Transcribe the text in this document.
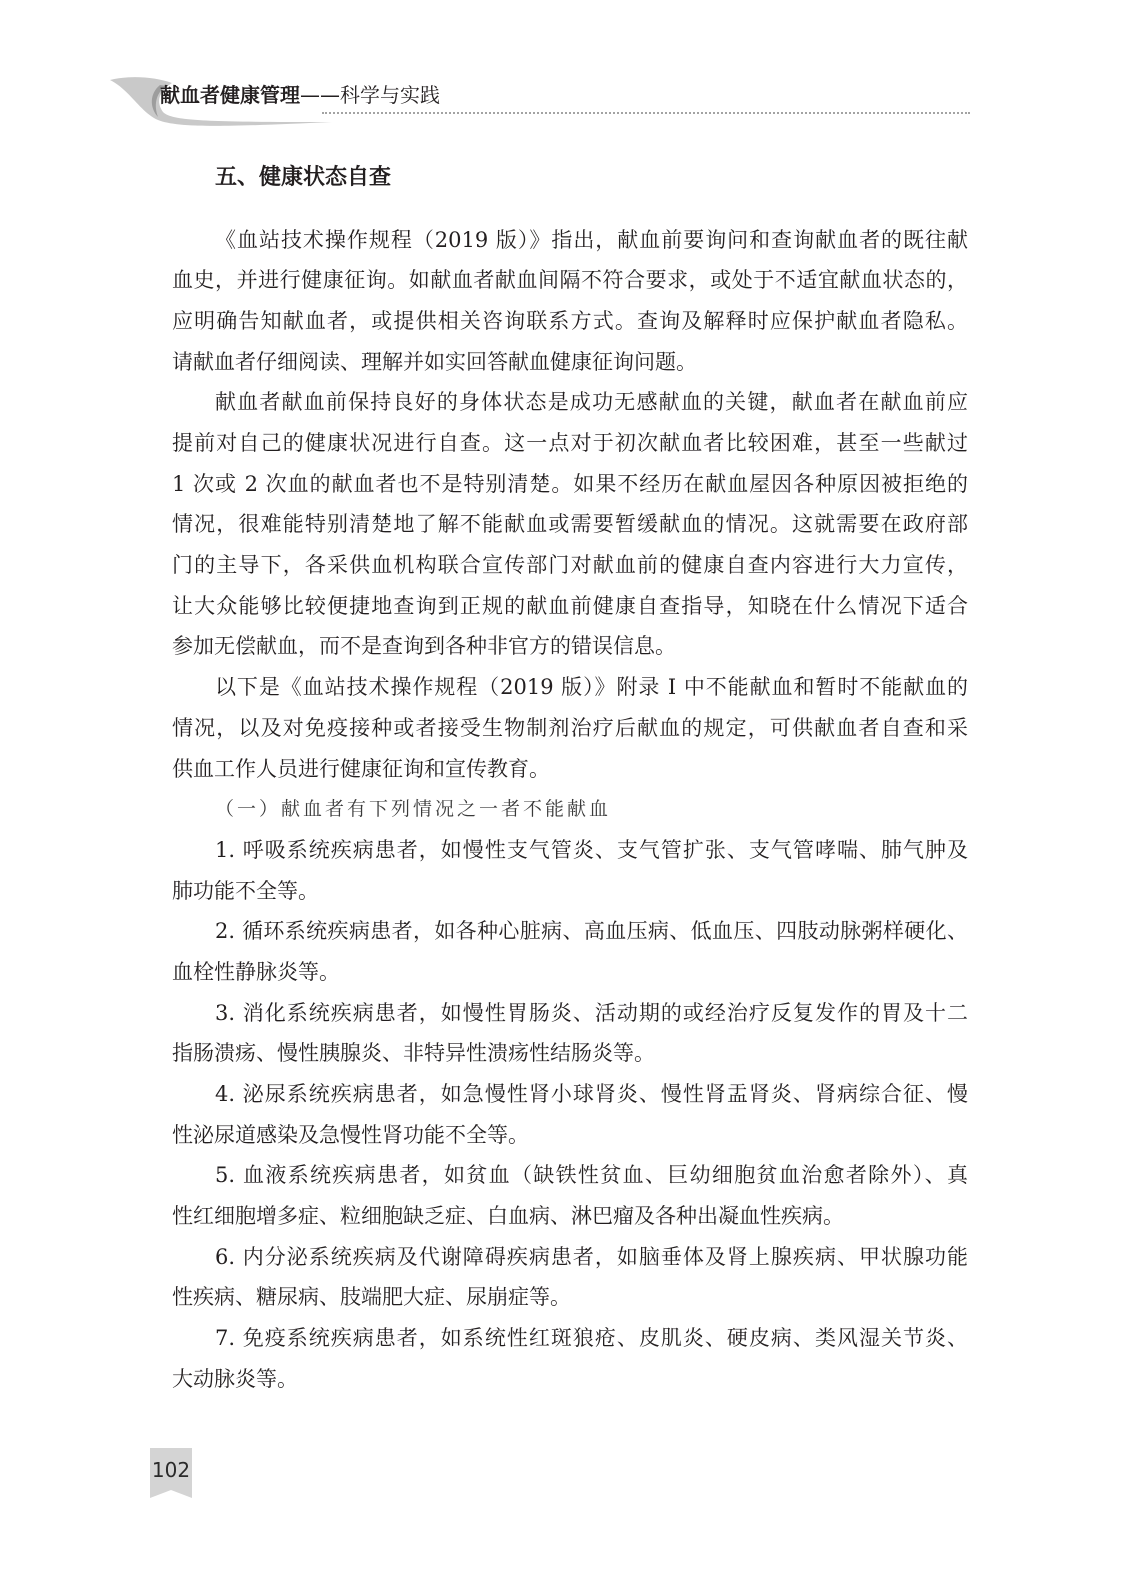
献血者健康管理——科学与实践
五、健康状态自查
《血站技术操作规程（2019 版）》指出，献血前要询问和查询献血者的既往献
血史，并进行健康征询。如献血者献血间隔不符合要求，或处于不适宜献血状态的，
应明确告知献血者，或提供相关咨询联系方式。查询及解释时应保护献血者隐私。
请献血者仔细阅读、理解并如实回答献血健康征询问题。
献血者献血前保持良好的身体状态是成功无感献血的关键，献血者在献血前应
提前对自己的健康状况进行自查。这一点对于初次献血者比较困难，甚至一些献过
1 次或 2 次血的献血者也不是特别清楚。如果不经历在献血屋因各种原因被拒绝的
情况，很难能特别清楚地了解不能献血或需要暂缓献血的情况。这就需要在政府部
门的主导下，各采供血机构联合宣传部门对献血前的健康自查内容进行大力宣传，
让大众能够比较便捷地查询到正规的献血前健康自查指导，知晓在什么情况下适合
参加无偿献血，而不是查询到各种非官方的错误信息。
以下是《血站技术操作规程（2019 版）》附录 I 中不能献血和暂时不能献血的
情况，以及对免疫接种或者接受生物制剂治疗后献血的规定，可供献血者自查和采
供血工作人员进行健康征询和宣传教育。
（一）献血者有下列情况之一者不能献血
1. 呼吸系统疾病患者，如慢性支气管炎、支气管扩张、支气管哮喘、肺气肿及
肺功能不全等。
2. 循环系统疾病患者，如各种心脏病、高血压病、低血压、四肢动脉粥样硬化、
血栓性静脉炎等。
3. 消化系统疾病患者，如慢性胃肠炎、活动期的或经治疗反复发作的胃及十二
指肠溃疡、慢性胰腺炎、非特异性溃疡性结肠炎等。
4. 泌尿系统疾病患者，如急慢性肾小球肾炎、慢性肾盂肾炎、肾病综合征、慢
性泌尿道感染及急慢性肾功能不全等。
5. 血液系统疾病患者，如贫血（缺铁性贫血、巨幼细胞贫血治愈者除外）、真
性红细胞增多症、粒细胞缺乏症、白血病、淋巴瘤及各种出凝血性疾病。
6. 内分泌系统疾病及代谢障碍疾病患者，如脑垂体及肾上腺疾病、甲状腺功能
性疾病、糖尿病、肢端肥大症、尿崩症等。
7. 免疫系统疾病患者，如系统性红斑狼疮、皮肌炎、硬皮病、类风湿关节炎、
大动脉炎等。
102
